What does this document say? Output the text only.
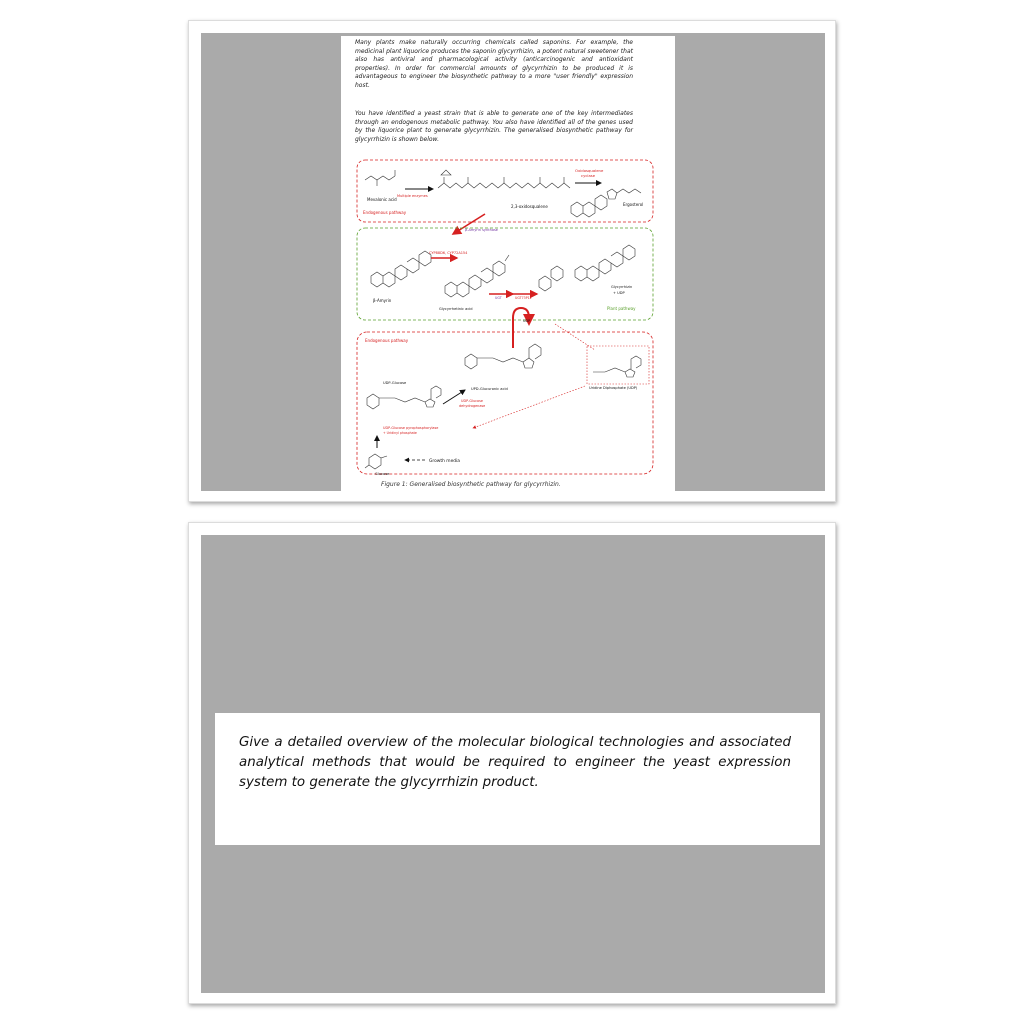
Many plants make naturally occurring chemicals called saponins. For example, the medicinal plant liquorice produces the saponin glycyrrhizin, a potent natural sweetener that also has antiviral and pharmacological activity (anticarcinogenic and antioxidant properties). In order for commercial amounts of glycyrrhizin to be produced it is advantageous to engineer the biosynthetic pathway to a more "user friendly" expression host.

You have identified a yeast strain that is able to generate one of the key intermediates through an endogenous metabolic pathway. You also have identified all of the genes used by the liquorice plant to generate glycyrrhizin. The generalised biosynthetic pathway for glycyrrhizin is shown below.

Mevalonic acid
Multiple enzymes
Endogenous pathway
2,3-oxidosqualene
Oxidosqualene
cyclase
Ergosterol
β-Amyrin synthase
β-Amyrin
CYP88D6, CYP72A154
Glycyrrhetinic acid
UGT	UGT73P12
Glycyrrhizin
+ UDP
Plant pathway
UDP
Endogenous pathway
UPD-Glucuronic acid	Uridine Diphosphate (UDP)
UDP-Glucose
UDP-Glucose
dehydrogenase
UDP-Glucose pyrophosphorylase
+ Uridinyl phosphate
Glucose
Growth media

Figure 1: Generalised biosynthetic pathway for glycyrrhizin.

Give a detailed overview of the molecular biological technologies and associated analytical methods that would be required to engineer the yeast expression system to generate the glycyrrhizin product.
